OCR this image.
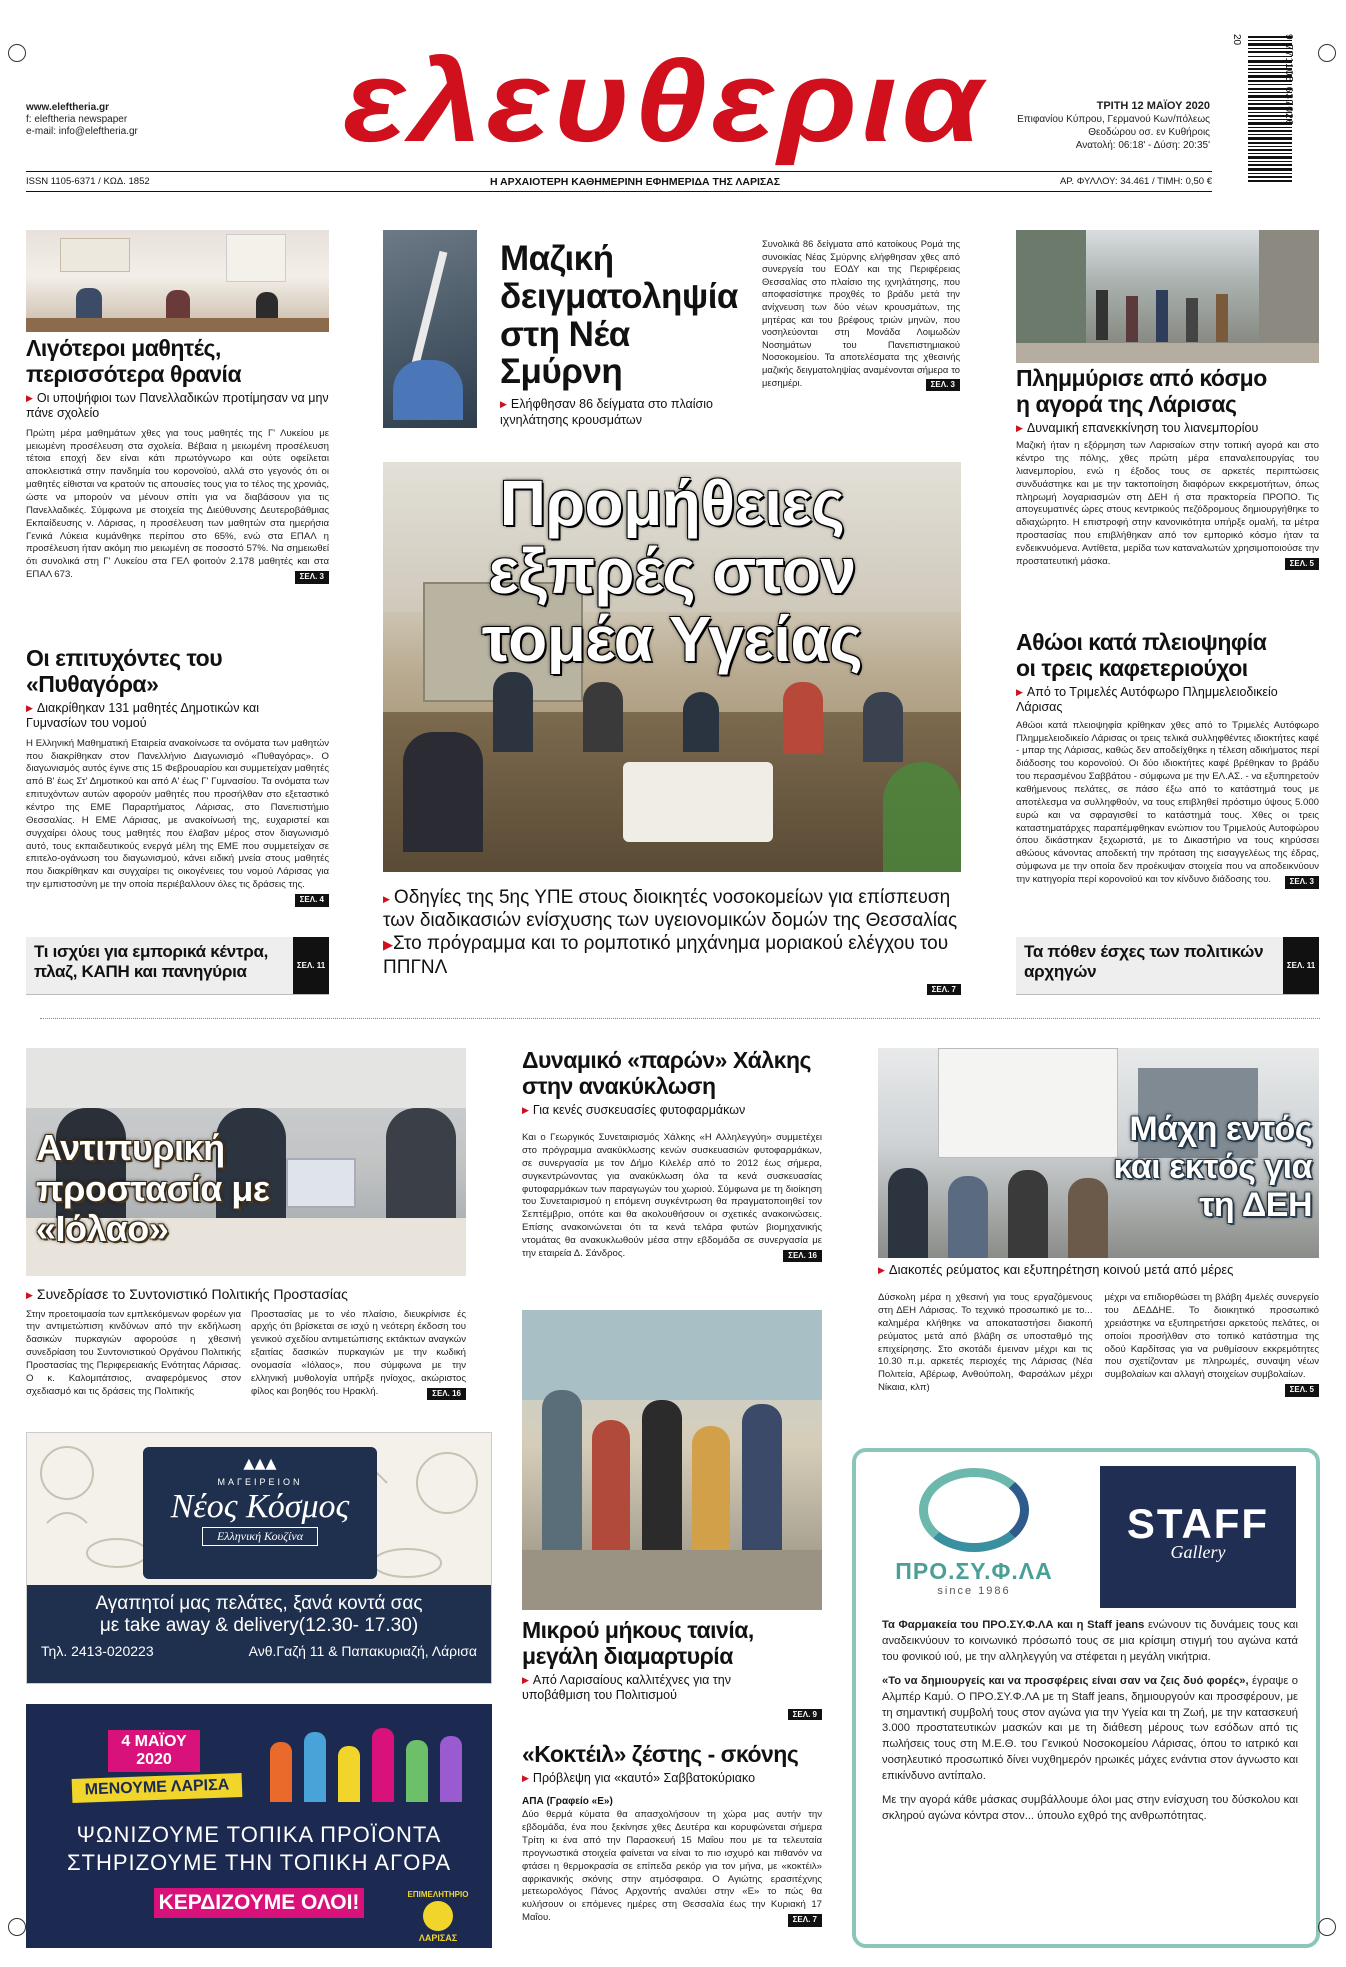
www.eleftheria.gr
f: eleftheria newspaper
e-mail: info@eleftheria.gr ελευθερια	ΤΡΙΤΗ 12 ΜΑΪΟΥ 2020
Επιφανίου Κύπρου, Γερμανού Κων/πόλεως
Θεοδώρου οσ. εν Κυθήροις
Ανατολή: 06:18' - Δύση: 20:35'
20	9 771105 637026
ISSN 1105-6371 / ΚΩΔ. 1852	Η ΑΡΧΑΙΟΤΕΡΗ ΚΑΘΗΜΕΡΙΝΗ ΕΦΗΜΕΡΙΔΑ ΤΗΣ ΛΑΡΙΣΑΣ	ΑΡ. ΦΥΛΛΟΥ: 34.461 / ΤΙΜΗ: 0,50 €
Λιγότεροι μαθητές, περισσότερα θρανία
▶ Οι υποψήφιοι των Πανελλαδικών προτίμησαν να μην πάνε σχολείο
Πρώτη μέρα μαθημάτων χθες για τους μαθητές της Γ' Λυκείου με μειωμένη προσέλευση στα σχολεία. Βέβαια η μειωμένη προσέλευση τέτοια εποχή δεν είναι κάτι πρωτόγνωρο και ούτε οφείλεται αποκλειστικά στην πανδημία του κορονοϊού, αλλά στο γεγονός ότι οι μαθητές είθισται να κρατούν τις απουσίες τους για το τέλος της χρονιάς, ώστε να μπορούν να μένουν σπίτι για να διαβάσουν για τις Πανελλαδικές. Σύμφωνα με στοιχεία της Διεύθυνσης Δευτεροβάθμιας Εκπαίδευσης ν. Λάρισας, η προσέλευση των μαθητών στα ημερήσια Γενικά Λύκεια κυμάνθηκε περίπου στο 65%, ενώ στα ΕΠΑΛ η προσέλευση ήταν ακόμη πιο μειωμένη σε ποσοστό 57%. Να σημειωθεί ότι συνολικά στη Γ' Λυκείου στα ΓΕΛ φοιτούν 2.178 μαθητές και στα ΕΠΑΛ 673.	ΣΕΛ. 3
Οι επιτυχόντες του «Πυθαγόρα»
▶ Διακρίθηκαν 131 μαθητές Δημοτικών και Γυμνασίων του νομού
Η Ελληνική Μαθηματική Εταιρεία ανακοίνωσε τα ονόματα των μαθητών που διακρίθηκαν στον Πανελλήνιο Διαγωνισμό «Πυθαγόρας». Ο διαγωνισμός αυτός έγινε στις 15 Φεβρουαρίου και συμμετείχαν μαθητές από Β' έως Στ' Δημοτικού και από Α' έως Γ' Γυμνασίου. Τα ονόματα των επιτυχόντων αυτών αφορούν μαθητές που προσήλθαν στο εξεταστικό κέντρο της ΕΜΕ Παραρτήματος Λάρισας, στο Πανεπιστήμιο Θεσσαλίας. Η ΕΜΕ Λάρισας, με ανακοίνωσή της, ευχαριστεί και συγχαίρει όλους τους μαθητές που έλαβαν μέρος στον διαγωνισμό αυτό, τους εκπαιδευτικούς ενεργά μέλη της ΕΜΕ που συμμετείχαν σε επιτελο-ογάνωση του διαγωνισμού, κάνει ειδική μνεία στους μαθητές που διακρίθηκαν και συγχαίρει τις οικογένειες του νομού Λάρισας για την εμπιστοσύνη με την οποία περιέβαλλουν όλες τις δράσεις της.
ΣΕΛ. 4
Τι ισχύει για εμπορικά κέντρα, πλαζ, ΚΑΠΗ και πανηγύρια	ΣΕΛ. 11
Μαζική δειγματοληψία στη Νέα Σμύρνη
▶ Ελήφθησαν 86 δείγματα στο πλαίσιο ιχνηλάτησης κρουσμάτων
Συνολικά 86 δείγματα από κατοίκους Ρομά της συνοικίας Νέας Σμύρνης ελήφθησαν χθες από συνεργεία του ΕΟΔΥ και της Περιφέρειας Θεσσαλίας στο πλαίσιο της ιχνηλάτησης, που αποφασίστηκε προχθές το βράδυ μετά την ανίχνευση των δύο νέων κρουσμάτων, της μητέρας και του βρέφους τριών μηνών, που νοσηλεύονται στη Μονάδα Λοιμωδών Νοσημάτων του Πανεπιστημιακού Νοσοκομείου. Τα αποτελέσματα της χθεσινής μαζικής δειγματοληψίας αναμένονται σήμερα το μεσημέρι.	ΣΕΛ. 3
Προμήθειες εξπρές στον τομέα Υγείας
▶ Οδηγίες της 5ης ΥΠΕ στους διοικητές νοσοκομείων για επίσπευση των διαδικασιών ενίσχυσης των υγειονομικών δομών της Θεσσαλίας ▶Στο πρόγραμμα και το ρομποτικό μηχάνημα μοριακού ελέγχου του ΠΠΓΝΛ
ΣΕΛ. 7
Πλημμύρισε από κόσμο η αγορά της Λάρισας
▶ Δυναμική επανεκκίνηση του λιανεμπορίου
Μαζική ήταν η εξόρμηση των Λαρισαίων στην τοπική αγορά και στο κέντρο της πόλης, χθες πρώτη μέρα επαναλειτουργίας του λιανεμπορίου, ενώ η έξοδος τους σε αρκετές περιπτώσεις συνδυάστηκε και με την τακτοποίηση διαφόρων εκκρεμοτήτων, όπως πληρωμή λογαριασμών στη ΔΕΗ ή στα πρακτορεία ΠΡΟΠΟ. Τις απογευματινές ώρες στους κεντρικούς πεζόδρομους δημιουργήθηκε το αδιαχώρητο. Η επιστροφή στην κανονικότητα υπήρξε ομαλή, τα μέτρα προστασίας που επιβλήθηκαν από τον εμπορικό κόσμο ήταν τα ενδεικνυόμενα. Αντίθετα, μερίδα των καταναλωτών χρησιμοποιούσε την προστατευτική μάσκα.	ΣΕΛ. 5
Αθώοι κατά πλειοψηφία οι τρεις καφετεριούχοι
▶ Από το Τριμελές Αυτόφωρο Πλημμελειοδικείο Λάρισας
Αθώοι κατά πλειοψηφία κρίθηκαν χθες από το Τριμελές Αυτόφωρο Πλημμελειοδικείο Λάρισας οι τρεις τελικά συλληφθέντες ιδιοκτήτες καφέ - μπαρ της Λάρισας, καθώς δεν αποδείχθηκε η τέλεση αδικήματος περί διάδοσης του κορονοϊού. Οι δύο ιδιοκτήτες καφέ βρέθηκαν το βράδυ του περασμένου Σαββάτου - σύμφωνα με την ΕΛ.ΑΣ. - να εξυπηρετούν καθήμενους πελάτες, σε πάσο έξω από το κατάστημά τους με αποτέλεσμα να συλληφθούν, να τους επιβληθεί πρόστιμο ύψους 5.000 ευρώ και να σφραγισθεί το κατάστημά τους. Χθες οι τρεις καταστηματάρχες παραπέμφθηκαν ενώπιον του Τριμελούς Αυτοφώρου όπου δικάστηκαν ξεχωριστά, με το Δικαστήριο να τους κηρύσσει αθώους κάνοντας αποδεκτή την πρόταση της εισαγγελέως της έδρας, σύμφωνα με την οποία δεν προέκυψαν στοιχεία που να αποδεικνύουν την κατηγορία περί κορονοϊού και τον κίνδυνο διάδοσης του.	ΣΕΛ. 3
Τα πόθεν έσχες των πολιτικών αρχηγών	ΣΕΛ. 11
Αντιπυρική προστασία με «Ιόλαο»
▶ Συνεδρίασε το Συντονιστικό Πολιτικής Προστασίας
Στην προετοιμασία των εμπλεκόμενων φορέων για την αντιμετώπιση κινδύνων από την εκδήλωση δασικών πυρκαγιών αφορούσε η χθεσινή συνεδρίαση του Συντονιστικού Οργάνου Πολιτικής Προστασίας της Περιφερειακής Ενότητας Λάρισας. Ο κ. Καλομιτάτσιος, αναφερόμενος στον σχεδιασμό και τις δράσεις της Πολιτικής
Προστασίας με το νέο πλαίσιο, διευκρίνισε ές αρχής ότι βρίσκεται σε ισχύ η νεότερη έκδοση του γενικού σχεδίου αντιμετώπισης εκτάκτων αναγκών εξαιτίας δασικών πυρκαγιών με την κωδική ονομασία «Ιόλαος», που σύμφωνα με την ελληνική μυθολογία υπήρξε ηνίοχος, ακώριστος φίλος και βοηθός του Ηρακλή.	ΣΕΛ. 16
Δυναμικό «παρών» Χάλκης στην ανακύκλωση
▶ Για κενές συσκευασίες φυτοφαρμάκων
Και ο Γεωργικός Συνεταιρισμός Χάλκης «Η Αλληλεγγύη» συμμετέχει στο πρόγραμμα ανακύκλωσης κενών συσκευασιών φυτοφαρμάκων, σε συνεργασία με τον Δήμο Κιλελέρ από το 2012 έως σήμερα, συγκεντρώνοντας για ανακύκλωση όλα τα κενά συσκευασίας φυτοφαρμάκων των παραγωγών του χωριού. Σύμφωνα με τη διοίκηση του Συνεταιρισμού η επόμενη συγκέντρωση θα πραγματοποιηθεί τον Σεπτέμβριο, οπότε και θα ακολουθήσουν οι σχετικές ανακοινώσεις. Επίσης ανακοινώνεται ότι τα κενά τελάρα φυτών βιομηχανικής ντομάτας θα ανακυκλωθούν μέσα στην εβδομάδα σε συνεργασία με την εταιρεία Δ. Σάνδρος.	ΣΕΛ. 16
Μάχη εντός και εκτός για τη ΔΕΗ
▶ Διακοπές ρεύματος και εξυπηρέτηση κοινού μετά από μέρες
Δύσκολη μέρα η χθεσινή για τους εργαζόμενους στη ΔΕΗ Λάρισας. Το τεχνικό προσωπικό με το... καλημέρα κλήθηκε να αποκαταστήσει διακοπή ρεύματος μετά από βλάβη σε υποσταθμό της επιχείρησης. Στο σκοτάδι έμειναν μέχρι και τις 10.30 π.μ. αρκετές περιοχές της Λάρισας (Νέα Πολιτεία, Αβέρωφ, Ανθούπολη, Φαρσάλων μέχρι Νίκαια, κλπ)
μέχρι να επιδιορθώσει τη βλάβη 4μελές συνεργείο του ΔΕΔΔΗΕ. Το διοικητικό προσωπικό χρειάστηκε να εξυπηρετήσει αρκετούς πελάτες, οι οποίοι προσήλθαν στο τοπικό κατάστημα της οδού Καρδίτσας για να ρυθμίσουν εκκρεμότητες που σχετίζονταν με πληρωμές, συναψη νέων συμβολαίων και αλλαγή στοιχείων συμβολαίων.
ΣΕΛ. 5
▴▴▴
ΜΑΓΕΙΡΕΙΟΝ
Νέος Κόσμος
Ελληνική Κουζίνα
Αγαπητοί μας πελάτες, ξανά κοντά σας
με take away & delivery(12.30- 17.30)
Τηλ. 2413-020223	Ανθ.Γαζή 11 & Παπακυριαζή, Λάρισα
4 ΜΑΪΟΥ
2020
ΜΕΝΟΥΜΕ ΛΑΡΙΣΑ
ΨΩΝΙΖΟΥΜΕ ΤΟΠΙΚΑ ΠΡΟΪΟΝΤΑ
ΣΤΗΡΙΖΟΥΜΕ ΤΗΝ ΤΟΠΙΚΗ ΑΓΟΡΑ
ΚΕΡΔΙΖΟΥΜΕ ΟΛΟΙ!	ΕΠΙΜΕΛΗΤΗΡΙΟ
ΛΑΡΙΣΑΣ
Μικρού μήκους ταινία, μεγάλη διαμαρτυρία
▶ Από Λαρισαίους καλλιτέχνες για την υποβάθμιση του Πολιτισμού
ΣΕΛ. 9
«Κοκτέιλ» ζέστης - σκόνης
▶ Πρόβλεψη για «καυτό» Σαββατοκύριακο
ΑΠΑ (Γραφείο «Ε»)
Δύο θερμά κύματα θα απασχολήσουν τη χώρα μας αυτήν την εβδομάδα, ένα που ξεκίνησε χθες Δευτέρα και κορυφώνεται σήμερα Τρίτη κι ένα από την Παρασκευή 15 Μαΐου που με τα τελευταία προγνωστικά στοιχεία φαίνεται να είναι το πιο ισχυρό και πιθανόν να φτάσει η θερμοκρασία σε επίπεδα ρεκόρ για τον μήνα, με «κοκτέιλ» αφρικανικής σκόνης στην ατμόσφαιρα. Ο Αγιώτης ερασιτέχνης μετεωρολόγος Πάνος Αρχοντής αναλύει στην «Ε» το πώς θα κυλήσουν οι επόμενες ημέρες στη Θεσσαλία έως την Κυριακή 17 Μαΐου.	ΣΕΛ. 7
ΠΡΟ.ΣΥ.Φ.ΛΑ
since 1986
STAFF
Gallery

Τα Φαρμακεία του ΠΡΟ.ΣΥ.Φ.ΛΑ και η Staff jeans ενώνουν τις δυνάμεις τους και αναδεικνύουν το κοινωνικό πρόσωπό τους σε μια κρίσιμη στιγμή του αγώνα κατά του φονικού ιού, με την αλληλεγγύη να στέφεται η μεγάλη νικήτρια.

«Το να δημιουργείς και να προσφέρεις είναι σαν να ζεις δυό φορές», έγραψε ο Αλμπέρ Καμύ. Ο ΠΡΟ.ΣΥ.Φ.ΛΑ με τη Staff jeans, δημιουργούν και προσφέρουν, με τη σημαντική συμβολή τους στον αγώνα για την Υγεία και τη Ζωή, με την κατασκευή 3.000 προστατευτικών μασκών και με τη διάθεση μέρους των εσόδων από τις πωλήσεις τους στη Μ.Ε.Θ. του Γενικού Νοσοκομείου Λάρισας, όπου το ιατρικό και νοσηλευτικό προσωπικό δίνει νυχθημερόν ηρωικές μάχες ενάντια στον άγνωστο και επικίνδυνο αντίπαλο.

Με την αγορά κάθε μάσκας συμβάλλουμε όλοι μας στην ενίσχυση του δύσκολου και σκληρού αγώνα κόντρα στον... ύπουλο εχθρό της ανθρωπότητας.
